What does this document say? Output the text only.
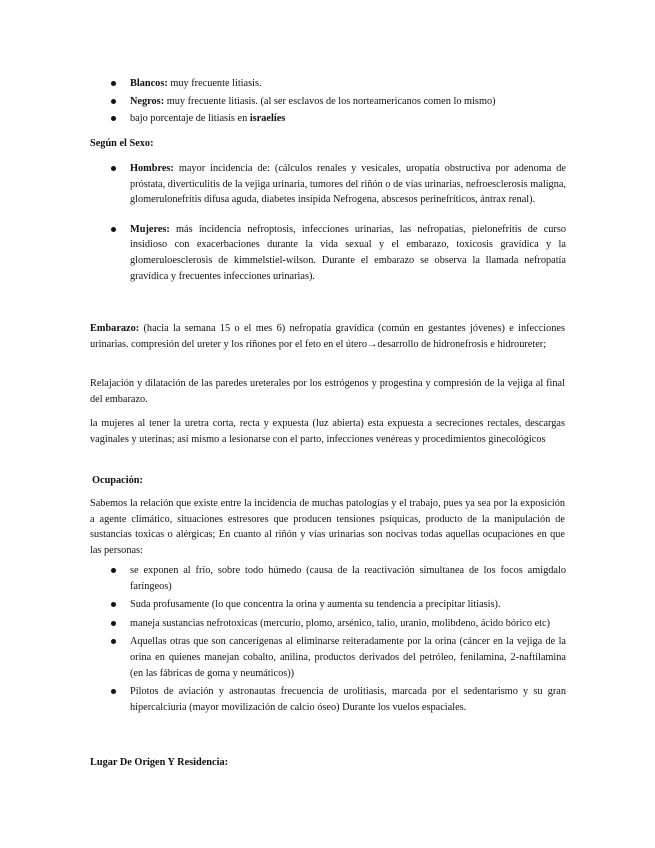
Blancos: muy frecuente litiasis.
Negros: muy frecuente litiasis. (al ser esclavos de los norteamericanos comen lo mismo)
bajo porcentaje de litiasis en israelíes
Según el Sexo:
Hombres: mayor incidencia de: (cálculos renales y vesicales, uropatía obstructiva por adenoma de próstata, diverticulitis de la vejiga urinaria, tumores del riñón o de vías urinarias, nefroesclerosis maligna, glomerulonefritis difusa aguda, diabetes insípida Nefrogena, abscesos perinefríticos, ántrax renal).
Mujeres: más incidencia nefroptosis, infecciones urinarias, las nefropatías, pielonefritis de curso insidioso con exacerbaciones durante la vida sexual y el embarazo, toxicosis gravídica y la glomeruloesclerosis de kimmelstiel-wilson. Durante el embarazo se observa la llamada nefropatía gravídica y frecuentes infecciones urinarias).
Embarazo: (hacia la semana 15 o el mes 6) nefropatía gravídica (común en gestantes jóvenes) e infecciones urinarias. compresión del ureter y los riñones por el feto en el útero→desarrollo de hidronefrosis e hidroureter;
Relajación y dilatación de las paredes ureterales por los estrógenos y progestina y compresión de la vejiga al final del embarazo.
la mujeres al tener la uretra corta, recta y expuesta (luz abierta) esta expuesta a secreciones rectales, descargas vaginales y uterinas; así mismo a lesionarse con el parto, infecciones venéreas y procedimientos ginecológicos
Ocupación:
Sabemos la relación que existe entre la incidencia de muchas patologías y el trabajo, pues ya sea por la exposición a agente climático, situaciones estresores que producen tensiones psíquicas, producto de la manipulación de sustancias toxicas o alérgicas; En cuanto al riñón y vías urinarias son nocivas todas aquellas ocupaciones en que las personas:
se exponen al frío, sobre todo húmedo (causa de la reactivación simultanea de los focos amigdalo faríngeos)
Suda profusamente (lo que concentra la orina y aumenta su tendencia a precipitar litiasis).
maneja sustancias nefrotoxicas (mercurio, plomo, arsénico, talio, uranio, molibdeno, ácido bórico etc)
Aquellas otras que son cancerígenas al eliminarse reiteradamente por la orina (cáncer en la vejiga de la orina en quienes manejan cobalto, anilina, productos derivados del petróleo, fenilamina, 2-naftilamina (en las fábricas de goma y neumáticos))
Pilotos de aviación y astronautas frecuencia de urolitiasis, marcada por el sedentarismo y su gran hipercalciuria (mayor movilización de calcio óseo) Durante los vuelos espaciales.
Lugar De Origen Y Residencia:
